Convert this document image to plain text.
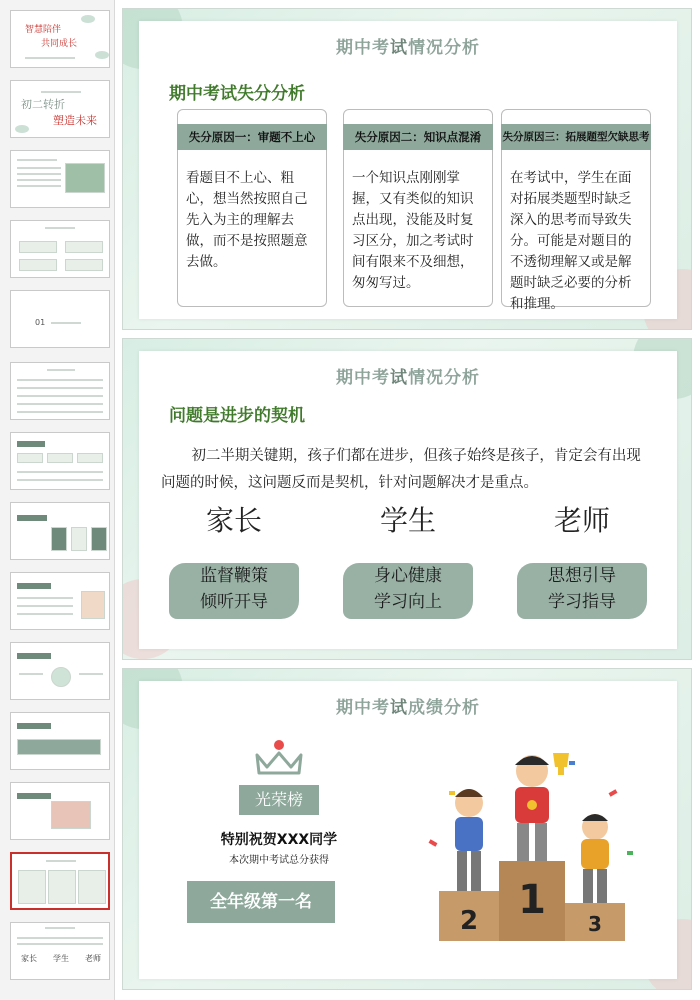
智慧陪伴
共同成长
初二转折
塑造未来
01
家长 学生 老师
期中考试情况分析
期中考试失分分析
失分原因一：审题不上心
看题目不上心、粗心，想当然按照自己先入为主的理解去做，而不是按照题意去做。
失分原因二：知识点混淆
一个知识点刚刚掌握，又有类似的知识点出现，没能及时复习区分，加之考试时间有限来不及细想，匆匆写过。
失分原因三：拓展题型欠缺思考
在考试中，学生在面对拓展类题型时缺乏深入的思考而导致失分。可能是对题目的不透彻理解又或是解题时缺乏必要的分析和推理。
期中考试情况分析
问题是进步的契机
初二半期关键期，孩子们都在进步，但孩子始终是孩子，肯定会有出现问题的时候，这问题反而是契机，针对问题解决才是重点。
家长	学生	老师
监督鞭策
倾听开导
身心健康
学习向上
思想引导
学习指导
期中考试成绩分析
光荣榜
特别祝贺XXX同学
本次期中考试总分获得
全年级第一名
2 1
3
